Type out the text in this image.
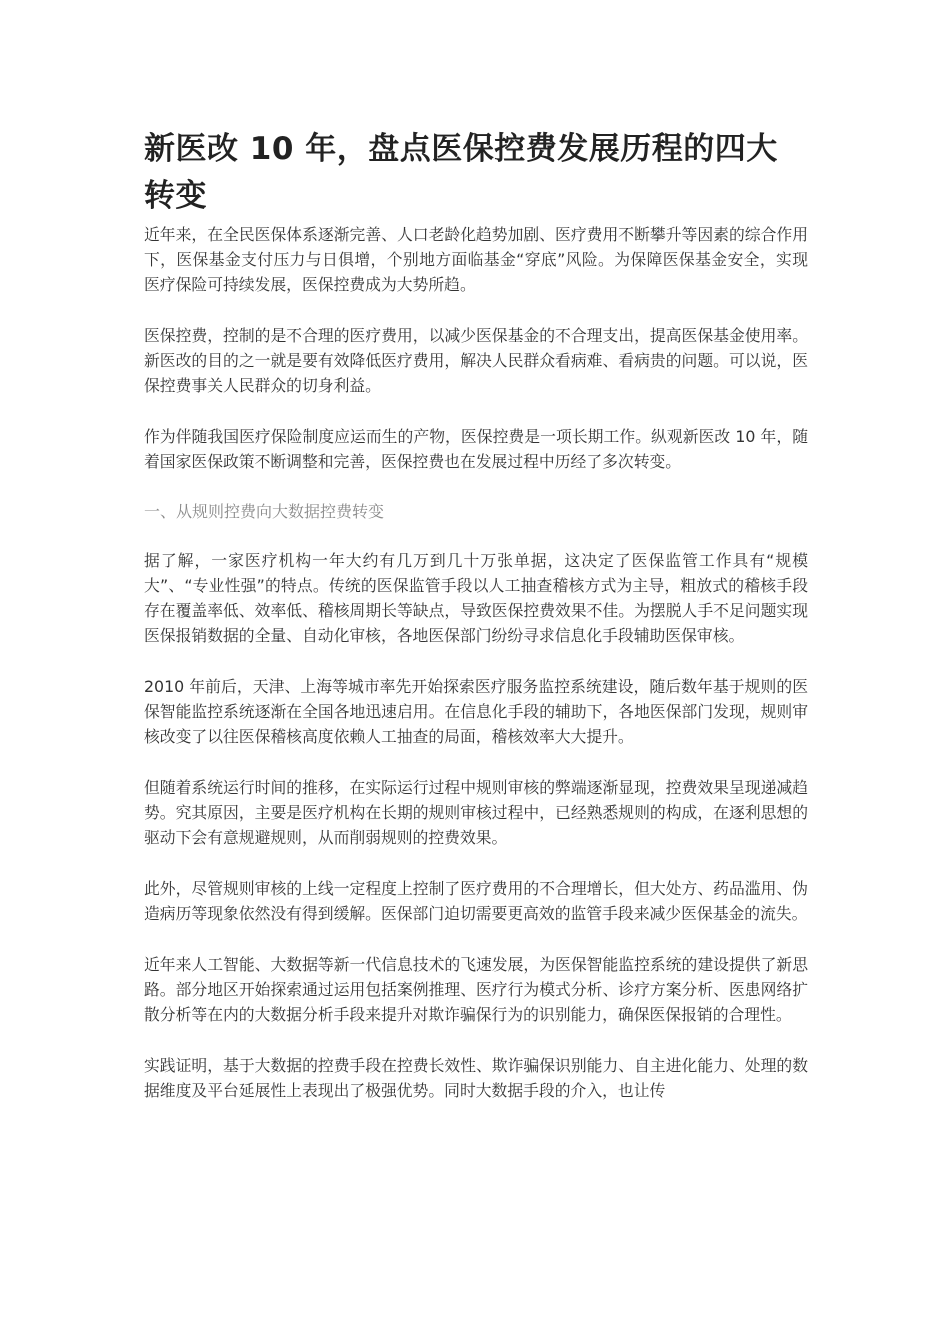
新医改 10 年，盘点医保控费发展历程的四大转变

近年来，在全民医保体系逐渐完善、人口老龄化趋势加剧、医疗费用不断攀升等因素的综合作用下，医保基金支付压力与日俱增，个别地方面临基金“穿底”风险。为保障医保基金安全，实现医疗保险可持续发展，医保控费成为大势所趋。

医保控费，控制的是不合理的医疗费用，以减少医保基金的不合理支出，提高医保基金使用率。新医改的目的之一就是要有效降低医疗费用，解决人民群众看病难、看病贵的问题。可以说，医保控费事关人民群众的切身利益。

作为伴随我国医疗保险制度应运而生的产物，医保控费是一项长期工作。纵观新医改 10 年，随着国家医保政策不断调整和完善，医保控费也在发展过程中历经了多次转变。

一、从规则控费向大数据控费转变

据了解，一家医疗机构一年大约有几万到几十万张单据，这决定了医保监管工作具有“规模大”、“专业性强”的特点。传统的医保监管手段以人工抽查稽核方式为主导，粗放式的稽核手段存在覆盖率低、效率低、稽核周期长等缺点，导致医保控费效果不佳。为摆脱人手不足问题实现医保报销数据的全量、自动化审核，各地医保部门纷纷寻求信息化手段辅助医保审核。

2010 年前后，天津、上海等城市率先开始探索医疗服务监控系统建设，随后数年基于规则的医保智能监控系统逐渐在全国各地迅速启用。在信息化手段的辅助下，各地医保部门发现，规则审核改变了以往医保稽核高度依赖人工抽查的局面，稽核效率大大提升。

但随着系统运行时间的推移，在实际运行过程中规则审核的弊端逐渐显现，控费效果呈现递减趋势。究其原因，主要是医疗机构在长期的规则审核过程中，已经熟悉规则的构成，在逐利思想的驱动下会有意规避规则，从而削弱规则的控费效果。

此外，尽管规则审核的上线一定程度上控制了医疗费用的不合理增长，但大处方、药品滥用、伪造病历等现象依然没有得到缓解。医保部门迫切需要更高效的监管手段来减少医保基金的流失。

近年来人工智能、大数据等新一代信息技术的飞速发展，为医保智能监控系统的建设提供了新思路。部分地区开始探索通过运用包括案例推理、医疗行为模式分析、诊疗方案分析、医患网络扩散分析等在内的大数据分析手段来提升对欺诈骗保行为的识别能力，确保医保报销的合理性。

实践证明，基于大数据的控费手段在控费长效性、欺诈骗保识别能力、自主进化能力、处理的数据维度及平台延展性上表现出了极强优势。同时大数据手段的介入，也让传
